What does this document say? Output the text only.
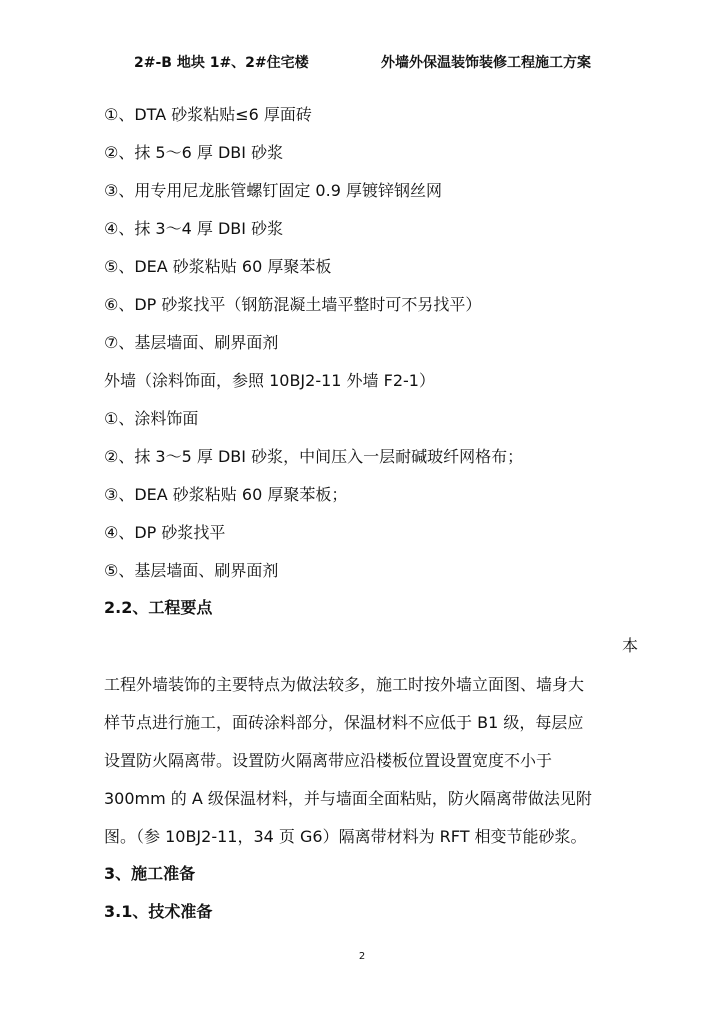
2#-B 地块 1#、2#住宅楼	外墙外保温装饰装修工程施工方案
①、DTA 砂浆粘贴≤6 厚面砖
②、抹 5～6 厚 DBI 砂浆
③、用专用尼龙胀管螺钉固定 0.9 厚镀锌钢丝网
④、抹 3～4 厚 DBI 砂浆
⑤、DEA 砂浆粘贴 60 厚聚苯板
⑥、DP 砂浆找平（钢筋混凝土墙平整时可不另找平）
⑦、基层墙面、刷界面剂
外墙（涂料饰面，参照 10BJ2-11 外墙 F2-1）
①、涂料饰面
②、抹 3～5 厚 DBI 砂浆，中间压入一层耐碱玻纤网格布；
③、DEA 砂浆粘贴 60 厚聚苯板；
④、DP 砂浆找平
⑤、基层墙面、刷界面剂
2.2、工程要点
本
工程外墙装饰的主要特点为做法较多，施工时按外墙立面图、墙身大
样节点进行施工，面砖涂料部分，保温材料不应低于 B1 级，每层应
设置防火隔离带。设置防火隔离带应沿楼板位置设置宽度不小于
300mm 的 A 级保温材料，并与墙面全面粘贴，防火隔离带做法见附
图。（参 10BJ2-11，34 页 G6）隔离带材料为 RFT 相变节能砂浆。
3、施工准备
3.1、技术准备
2
